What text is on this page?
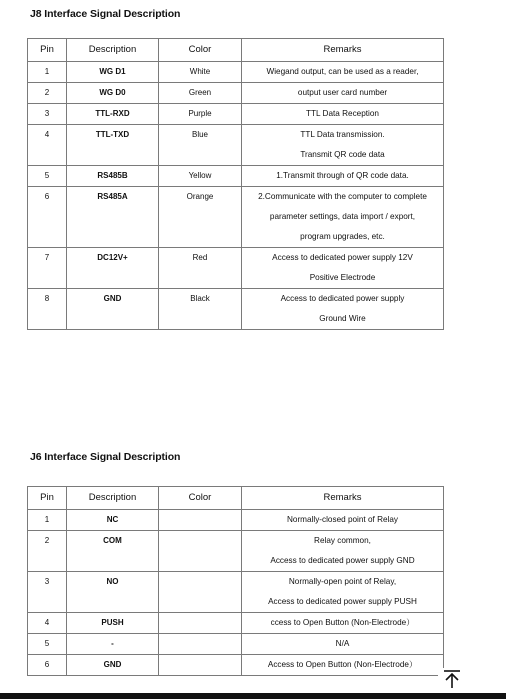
J8 Interface Signal Description
Pin	Description	Color	Remarks
1	WG D1	White	Wiegand output, can be used as a reader,

2	WG D0	Green	output user card number

3	TTL-RXD	Purple	TTL Data Reception

4	TTL-TXD	Blue	TTL Data transmission.
Transmit QR code data

5	RS485B	Yellow	1.Transmit through of QR code data.

6	RS485A	Orange	2.Communicate with the computer to complete
parameter settings, data import / export,
program upgrades, etc.

7	DC12V+	Red	Access to dedicated power supply 12V
Positive Electrode

8	GND	Black	Access to dedicated power supply
Ground Wire
J6 Interface Signal Description
Pin	Description	Color	Remarks
1	NC		Normally-closed point of Relay

2	COM		Relay common,
Access to dedicated power supply GND

3	NO		Normally-open point of Relay,
Access to dedicated power supply PUSH

4	PUSH		ccess to Open Button (Non-Electrode）

5	-		N/A

6	GND		Access to Open Button (Non-Electrode）
